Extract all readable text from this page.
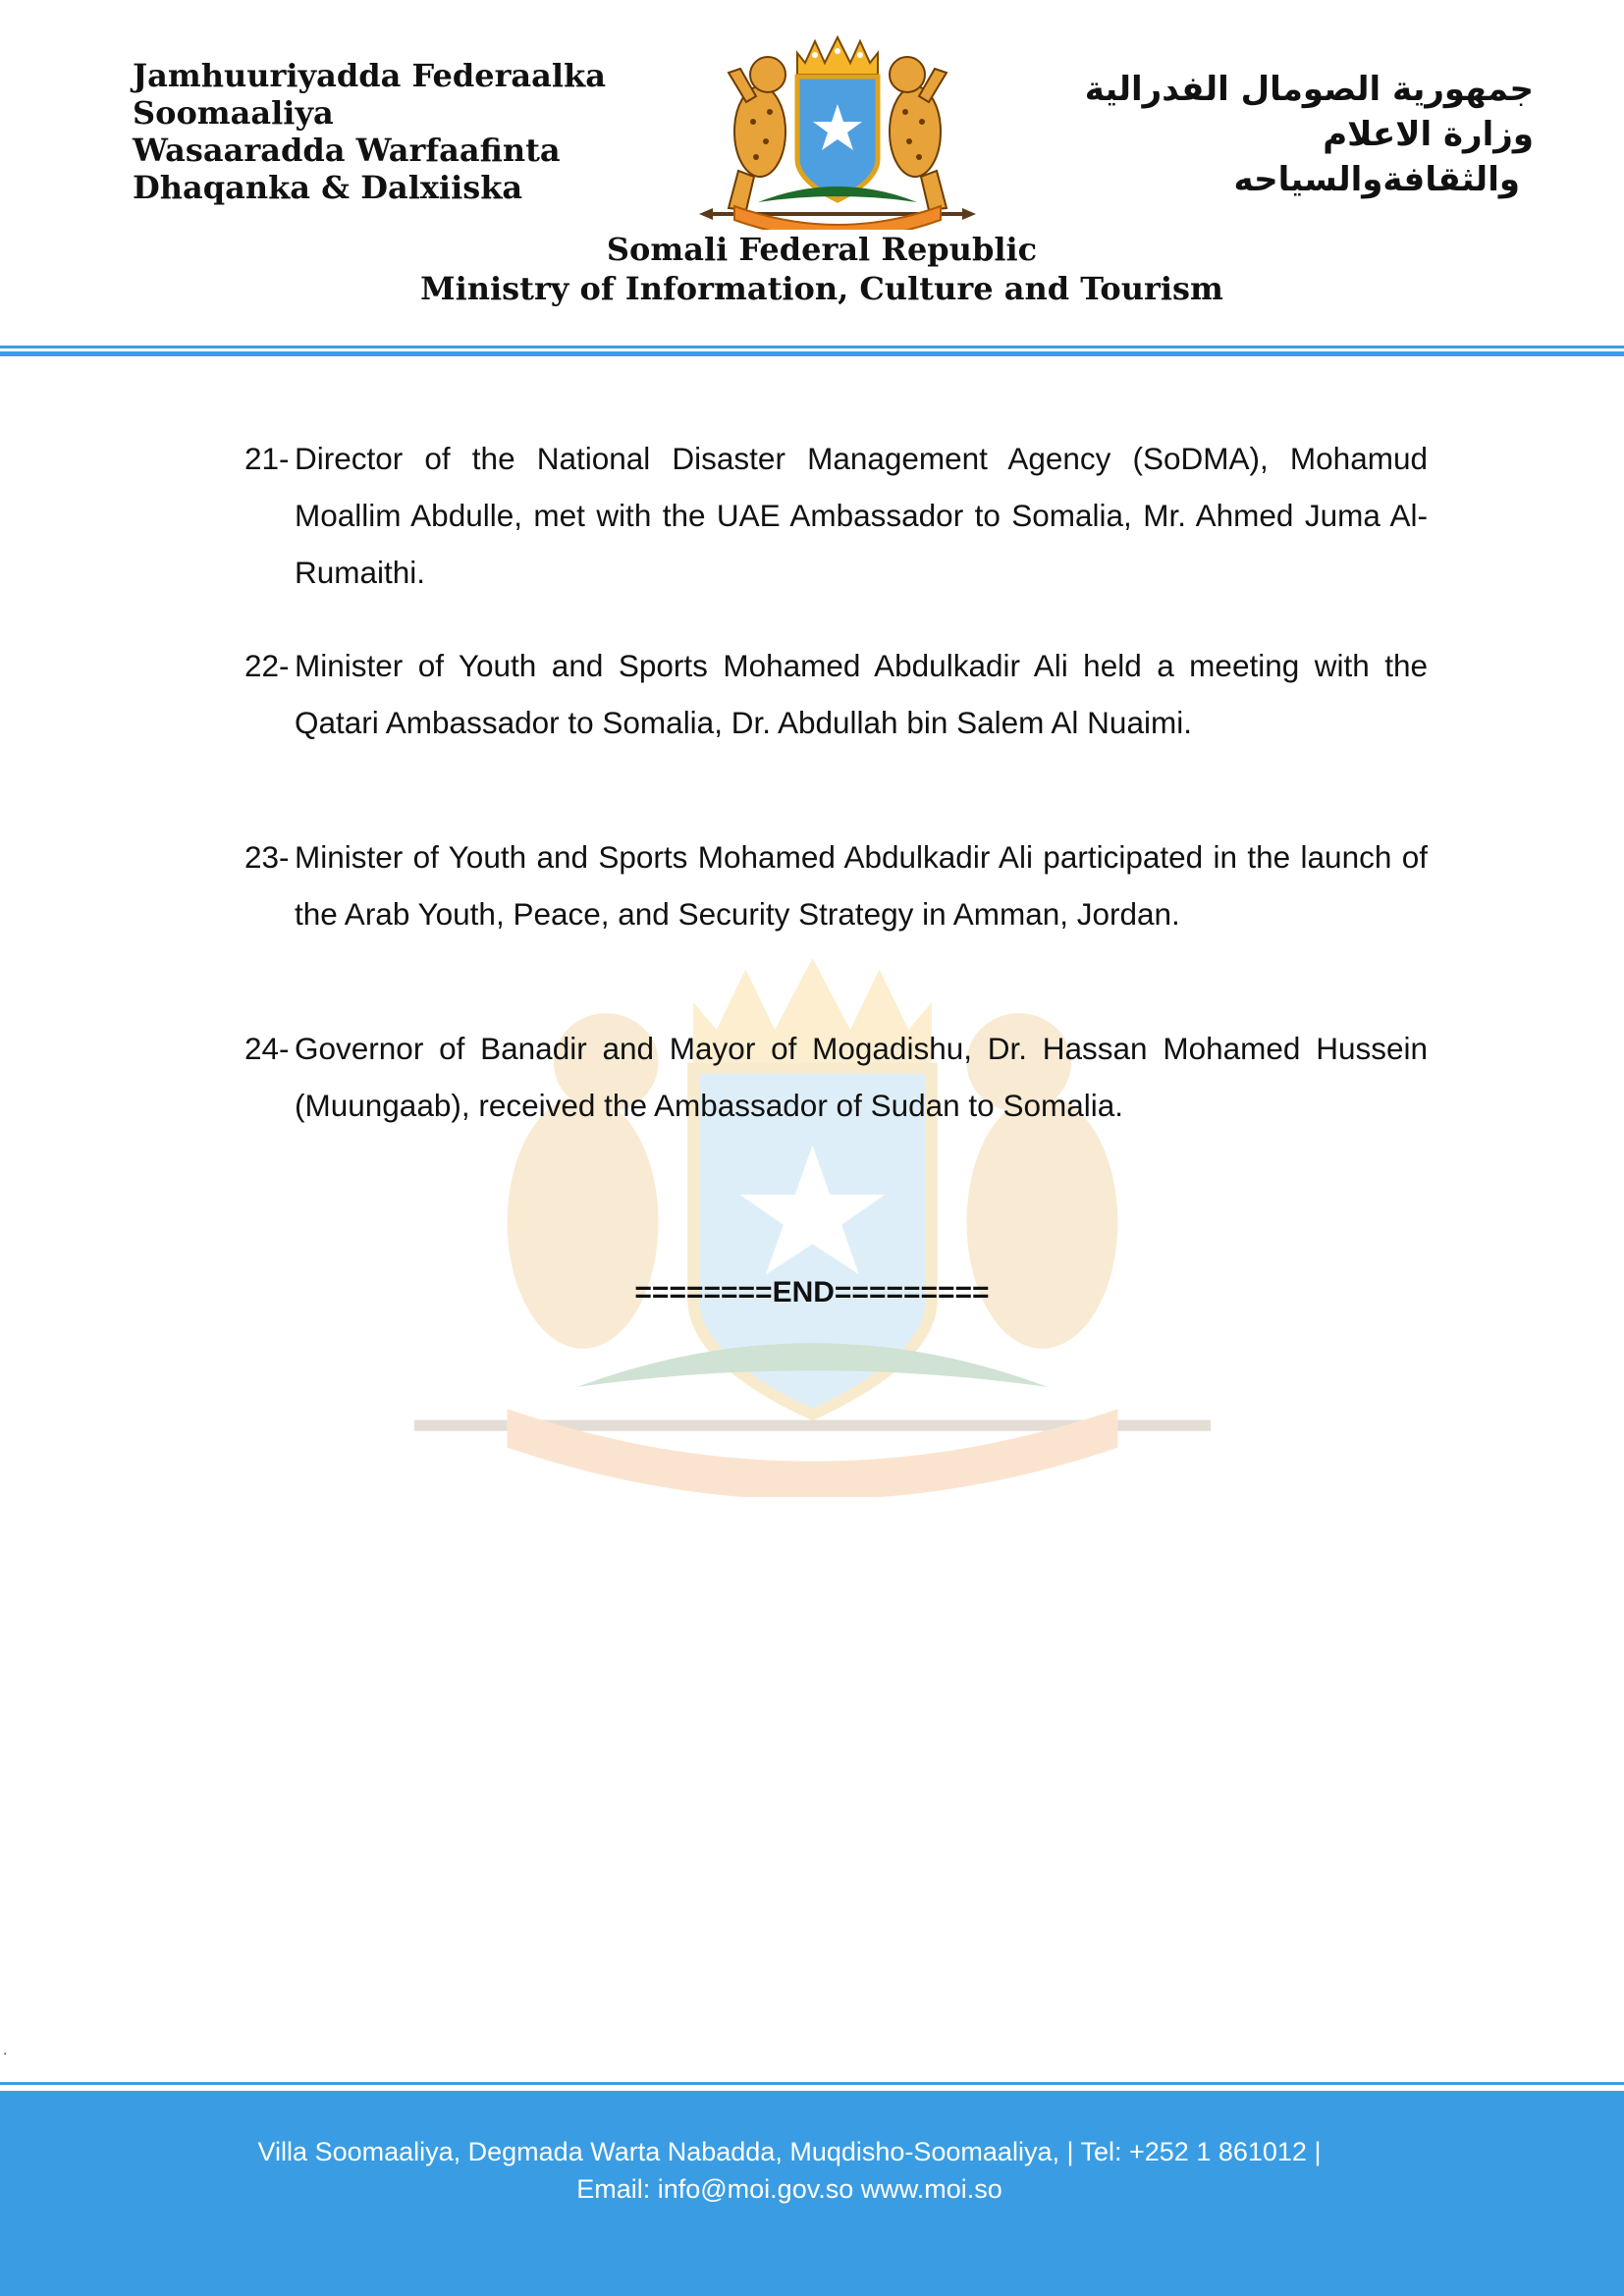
Jamhuuriyadda Federaalka
Soomaaliya
Wasaaradda Warfaafinta
Dhaqanka & Dalxiiska
جمهورية الصومال الفدرالية
وزارة الاعلام
والثقافةوالسياحه
Somali Federal Republic
Ministry of Information, Culture and Tourism
21- Director of the National Disaster Management Agency (SoDMA), Mohamud Moallim Abdulle, met with the UAE Ambassador to Somalia, Mr. Ahmed Juma Al-Rumaithi.
22- Minister of Youth and Sports Mohamed Abdulkadir Ali held a meeting with the Qatari Ambassador to Somalia, Dr. Abdullah bin Salem Al Nuaimi.
23- Minister of Youth and Sports Mohamed Abdulkadir Ali participated in the launch of the Arab Youth, Peace, and Security Strategy in Amman, Jordan.
24- Governor of Banadir and Mayor of Mogadishu, Dr. Hassan Mohamed Hussein (Muungaab), received the Ambassador of Sudan to Somalia.
========END=========
.
Villa Soomaaliya, Degmada Warta Nabadda, Muqdisho-Soomaaliya, | Tel: +252 1 861012 |
Email: info@moi.gov.so www.moi.so
